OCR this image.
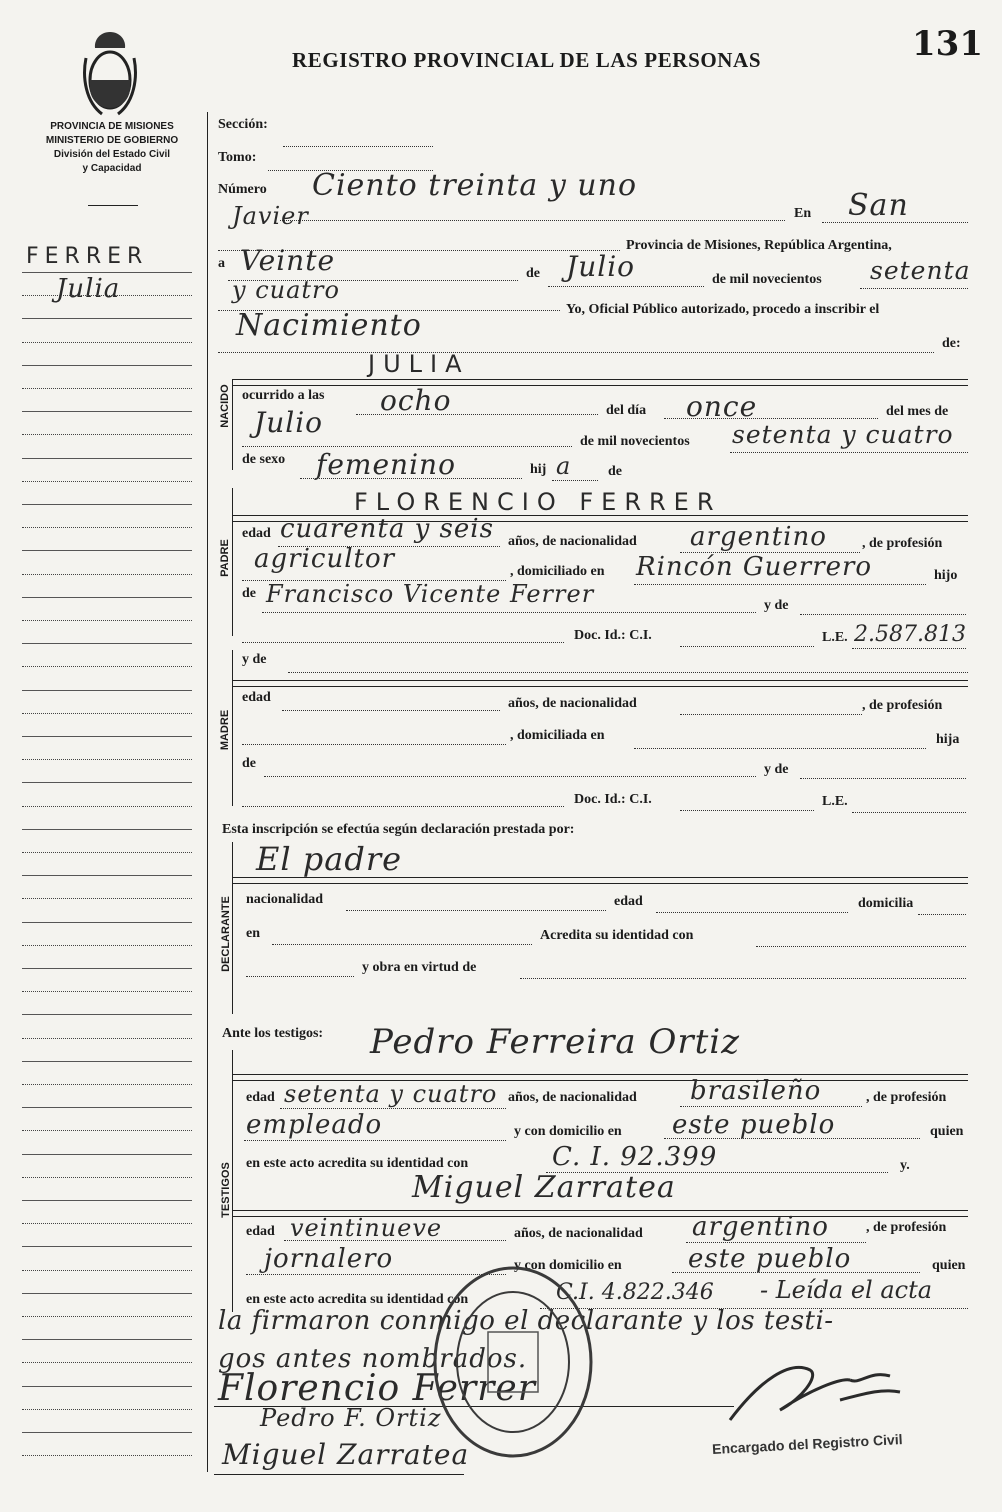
REGISTRO PROVINCIAL DE LAS PERSONAS	131
PROVINCIA DE MISIONES
MINISTERIO DE GOBIERNO
División del Estado Civil
y Capacidad
FERRER
Julia
Sección:
Tomo:
Número Ciento treinta y uno
En San
Javier
Provincia de Misiones, República Argentina,
a Veinte	de Julio	de mil novecientos setenta
y cuatro
Yo, Oficial Público autorizado, procedo a inscribir el
Nacimiento
de:
JULIA
NACIDO ocurrido a las ocho	del día once	del mes de
Julio
de mil novecientos setenta y cuatro
de sexo femenino	hij a	de
FLORENCIO FERRER
PADRE
edad cuarenta y seis años, de nacionalidad argentino	, de profesión
agricultor	, domiciliado en Rincón Guerrero	hijo
de Francisco Vicente Ferrer	y de
Doc. Id.: C.I.	L.E. 2.587.813
y de
MADRE
edad	años, de nacionalidad	, de profesión
, domiciliada en	hija
de	y de
Doc. Id.: C.I.	L.E.
Esta inscripción se efectúa según declaración prestada por:
El padre
DECLARANTE nacionalidad	edad	domicilia
en	Acredita su identidad con
y obra en virtud de
Ante los testigos: Pedro Ferreira Ortiz
TESTIGOS
edad setenta y cuatro años, de nacionalidad brasileño	, de profesión
empleado	y con domicilio en este pueblo	quien
en este acto acredita su identidad con	C. I. 92.399	y.
Miguel Zarratea
edad veintinueve	años, de nacionalidad argentino	, de profesión
jornalero	y con domicilio en	este pueblo	quien
en este acto acredita su identidad con	C.I. 4.822.346 - Leída el acta
la firmaron conmigo el declarante y los testi-
gos antes nombrados.
Florencio Ferrer
Pedro F. Ortiz
Miguel Zarratea	Encargado del Registro Civil
